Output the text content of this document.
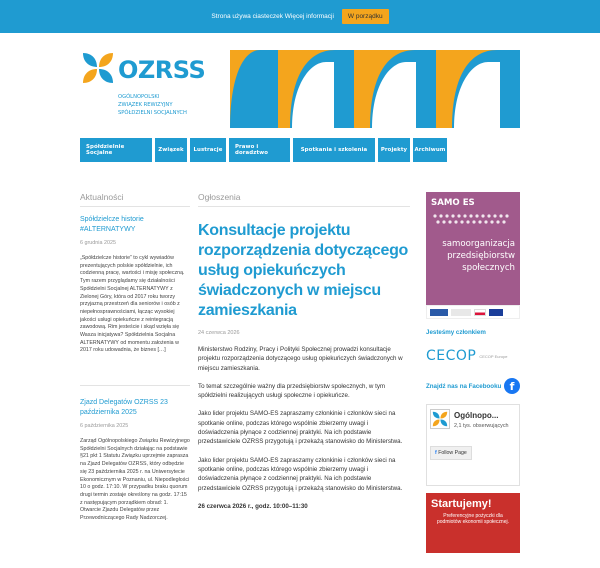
Strona używa ciasteczek Więcej informacji	W porządku
OZRSS
OGÓLNOPOLSKI
ZWIĄZEK REWIZYJNY
SPÓŁDZIELNI SOCJALNYCH
Spółdzielnie Socjalne	Związek	Lustracje	Prawo i doradztwo	Spotkania i szkolenia	Projekty	Archiwum
Aktualności
Spółdzielcze historie #ALTERNATYWY
6 grudnia 2025
„Spółdzielcze historie” to cykl wywiadów prezentujących polskie spółdzielnie, ich codzienną pracę, wartości i misję społeczną. Tym razem przyglądamy się działalności Spółdzielni Socjalnej ALTERNATYWY z Zielonej Góry, która od 2017 roku tworzy przyjazną przestrzeń dla seniorów i osób z niepełnosprawnościami, łącząc wysokiej jakości usługi opiekuńcze z reintegracją zawodową. Rim jesteście i skąd wzięła się Wasza inicjatywa? Spółdzielnia Socjalna ALTERNATYWY od momentu założenia w 2017 roku udowadnia, że biznes […]
Zjazd Delegatów OZRSS 23 października 2025
6 października 2025
Zarząd Ogólnopolskiego Związku Rewizyjnego Spółdzielni Socjalnych działając na podstawie §21 pkt 1 Statutu Związku uprzejmie zaprasza na Zjazd Delegatów OZRSS, który odbędzie się 23 października 2025 r. na Uniwersytecie Ekonomicznym w Poznaniu, ul. Niepodległości 10 o godz. 17:10. W przypadku braku quorum drugi termin zostaje określony na godz. 17:15 z następującym porządkiem obrad: 1. Otwarcie Zjazdu Delegatów przez Przewodniczącego Rady Nadzorczej.
Ogłoszenia
Konsultacje projektu rozporządzenia dotyczącego usług opiekuńczych świadczonych w miejscu zamieszkania
24 czerwca 2026

Ministerstwo Rodziny, Pracy i Polityki Społecznej prowadzi konsultacje projektu rozporządzenia dotyczącego usług opiekuńczych świadczonych w miejscu zamieszkania.

To temat szczególnie ważny dla przedsiębiorstw społecznych, w tym spółdzielni realizujących usługi społeczne i opiekuńcze.

Jako lider projektu SAMO-ES zapraszamy członkinie i członków sieci na spotkanie online, podczas którego wspólnie zbierzemy uwagi i doświadczenia płynące z codziennej praktyki. Na ich podstawie przedstawiciele OZRSS przygotują i przekażą stanowisko do Ministerstwa.

Jako lider projektu SAMO-ES zapraszamy członkinie i członków sieci na spotkanie online, podczas którego wspólnie zbierzemy uwagi i doświadczenia płynące z codziennej praktyki. Na ich podstawie przedstawiciele OZRSS przygotują i przekażą stanowisko do Ministerstwa.

26 czerwca 2026 r., godz. 10:00–11:30

SAMO ES
samoorganizacja
przedsiębiorstw
społecznych
Jesteśmy członkiem
CECOP CECOP Europe
Znajdź nas na Facebooku f
Ogólnopo...
2,1 tys. obserwujących
f Follow Page
Startujemy!
Preferencyjne pożyczki dla podmiotów ekonomii społecznej.
